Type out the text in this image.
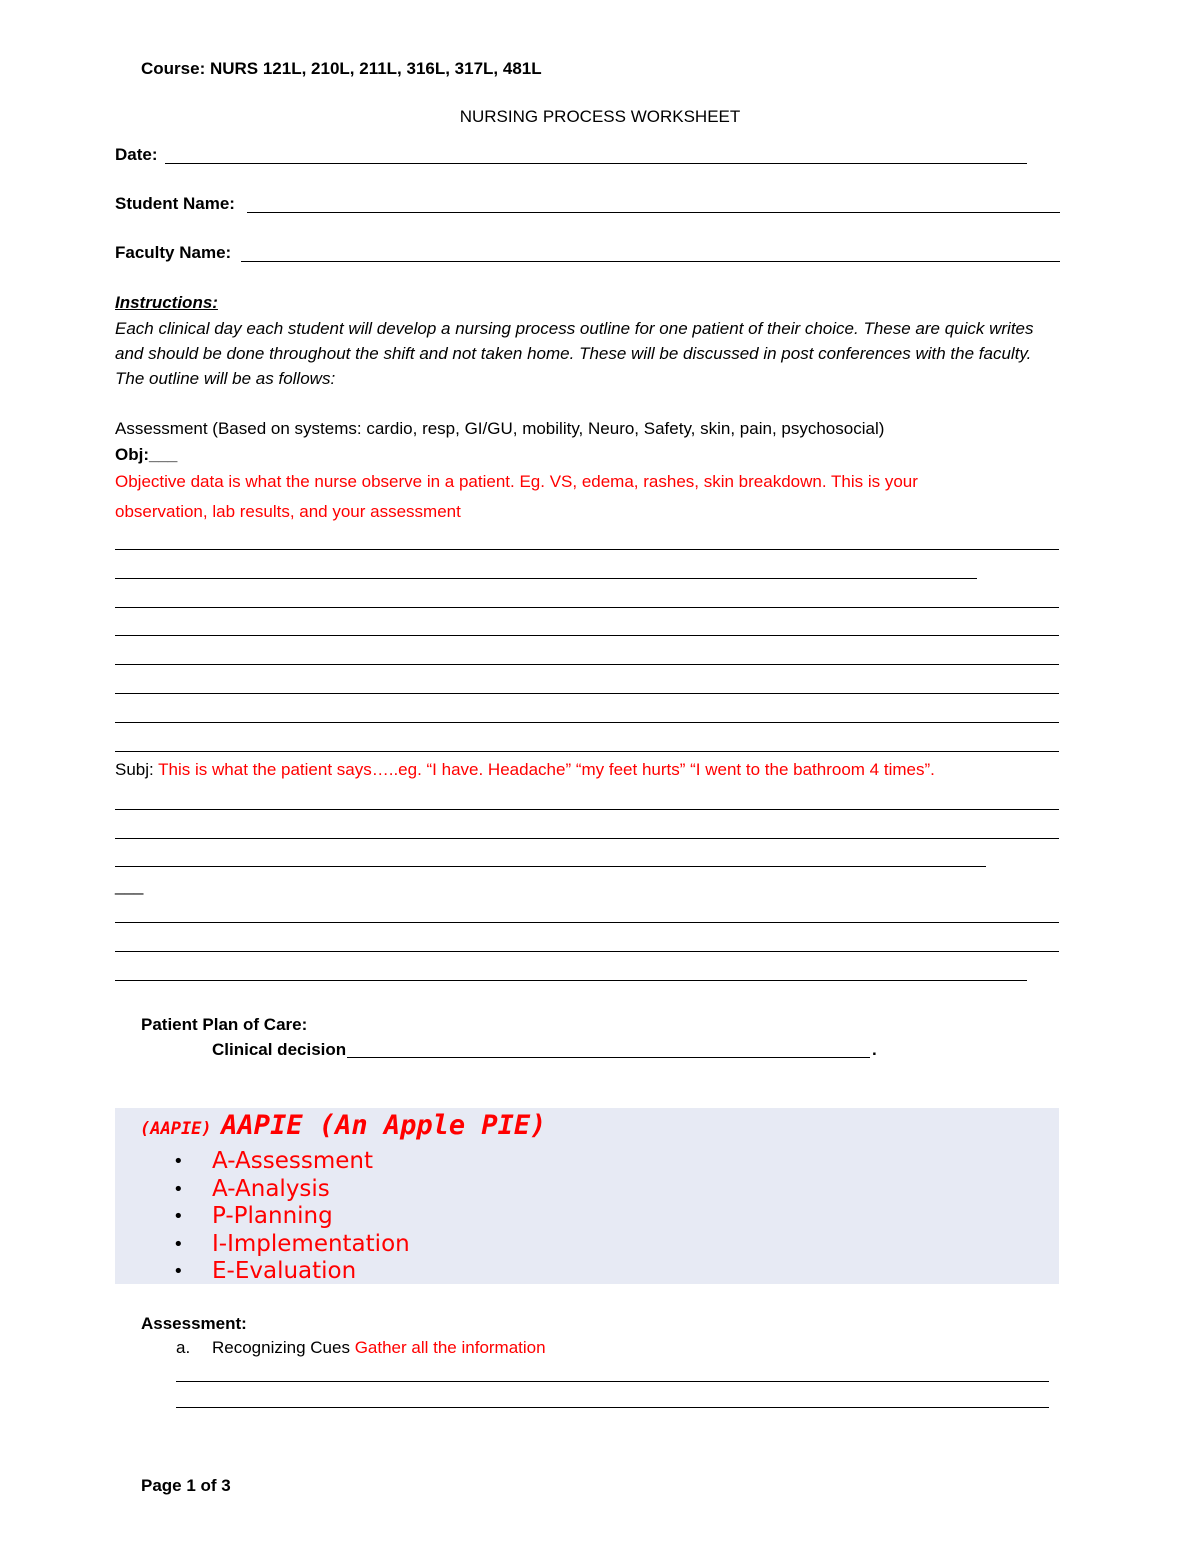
Course: NURS 121L, 210L, 211L, 316L, 317L, 481L
NURSING PROCESS WORKSHEET
Date:
Student Name:
Faculty Name:
Instructions:
Each clinical day each student will develop a nursing process outline for one patient of their choice. These are quick writes and should be done throughout the shift and not taken home. These will be discussed in post conferences with the faculty. The outline will be as follows:
Assessment (Based on systems: cardio, resp, GI/GU, mobility, Neuro, Safety, skin, pain, psychosocial)
Obj:___
Objective data is what the nurse observe in a patient. Eg. VS, edema, rashes, skin breakdown. This is your
observation, lab results, and your assessment
Subj: This is what the patient says…..eg. “I have. Headache” “my feet hurts” “I went to the bathroom 4 times”.
___
Patient Plan of Care:
Clinical decision	.
(AAPIE) AAPIE (An Apple PIE)
• A-Assessment
• A-Analysis
• P-Planning
• I-Implementation
• E-Evaluation
Assessment:
a. Recognizing Cues Gather all the information
Page 1 of 3
